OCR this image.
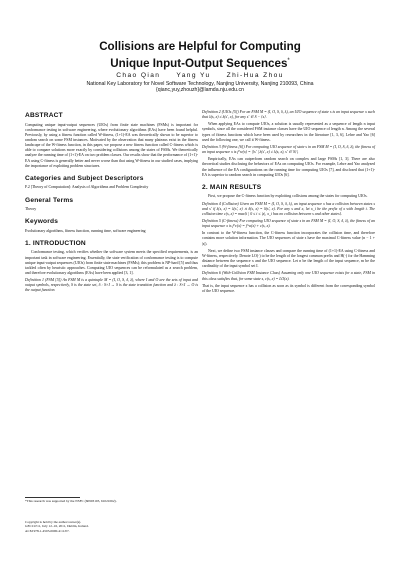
Collisions are Helpful for Computing
Unique Input-Output Sequences*
Chao Qian     Yang Yu     Zhi-Hua Zhou
National Key Laboratory for Novel Software Technology, Nanjing University, Nanjing 210093, China
{qianc,yuy,zhouzh}@lamda.nju.edu.cn
ABSTRACT

Computing unique input-output sequences (UIOs) from finite state machines (FSMs) is important for conformance testing in software engineering, where evolutionary algorithms (EAs) have been found helpful. Previously, by using a fitness function called W-fitness, (1+1)-EA was theoretically shown to be superior to random search on some FSM instances. Motivated by the observation that many plateaus exist in the fitness landscape of the W-fitness function, in this paper, we propose a new fitness function called C-fitness which is able to compare solutions more exactly by considering collisions among the states of FSMs. We theoretically analyze the running time of (1+1)-EA on two problem classes. Our results show that the performance of (1+1)-EA using C-fitness is generally better and never worse than that using W-fitness in our studied cases, implying the importance of exploiting problem structures.

Categories and Subject Descriptors

F.2 [Theory of Computation]: Analysis of Algorithms and Problem Complexity

General Terms

Theory

Keywords

Evolutionary algorithms, fitness function, running time, software engineering

1. INTRODUCTION

Conformance testing, which verifies whether the software system meets the specified requirements, is an important task in software engineering. Essentially, the state verification of conformance testing is to compute unique input-output sequences (UIOs) from finite state machines (FSMs); this problem is NP-hard [5] and thus tackled often by heuristic approaches. Computing UIO sequences can be reformulated as a search problem, and therefore evolutionary algorithms (EAs) have been applied [3, 1].

Definition 1 (FSM [5]) An FSM M is a quintuple M = (I, O, S, δ, λ), where I and O are the sets of input and output symbols, respectively, S is the state set, δ : S×I → S is the state transition function and λ : S×I → O is the output function.

*This research was supported by the NSFC (60903103, 61021062).
Copyright is held by the author/owner(s).
GECCO'11, July 12–16, 2011, Dublin, Ireland.
ACM 978-1-4503-0690-4/11/07.

Definition 2 (UIOs [5]) For an FSM M = (I, O, S, δ, λ), an UIO sequence of state s is an input sequence x such that λ(s, x) ≠ λ(s', x), for any s' ∈ S − {s}.

When applying EAs to compute UIOs, a solution is usually represented as a sequence of length n input symbols, since all the considered FSM instance classes have the UIO sequence of length n. Among the several types of fitness functions which have been used by researchers in the literature [1, 3, 6], Lehre and Yao [6] used the following one, we call it W-fitness.

Definition 3 (W-fitness [6]) For computing UIO sequence of state s in an FSM M = (I, O, S, δ, λ), the fitness of an input sequence x is f^w(x) = |{s' | λ(s', x) ≠ λ(s, x), s' ∈ S}|.

Empirically, EAs can outperform random search on complex and large FSMs [1, 3]. There are also theoretical studies disclosing the behaviors of EAs on computing UIOs. For example, Lehre and Yao analyzed the influence of the EA configurations on the running time for computing UIOs [7], and disclosed that (1+1)-EA is superior to random search in computing UIOs [6].

2. MAIN RESULTS

First, we propose the C-fitness function by exploiting collisions among the states for computing UIOs.

Definition 4 (Collision) Given an FSM M = (I, O, S, δ, λ), an input sequence x has a collision between states s and s' if λ(s, x) = λ(s', x) ∧ δ(s, x) = δ(s', x). For any s and x, let x_i be the prefix of x with length i. The collision time c(s, x) = max{i | 0 ≤ i ≤ |x|, x_i has no collision between s and other states}.

Definition 5 (C-fitness) For computing UIO sequence of state s in an FSM M = (I, O, S, δ, λ), the fitness of an input sequence x is f^c(x) = f^w(x) + c(s, x).

In contrast to the W-fitness function, the C-fitness function incorporates the collision time, and therefore contains more solution information. The UIO sequences of state s have the maximal C-fitness value (n − 1 + |s|).

Next, we define two FSM instance classes and compare the running time of (1+1)-EA using C-fitness and W-fitness, respectively. Denote LO(·) to be the length of the longest common prefix and H(·) for the Hamming distance between the sequence x and the UIO sequence. Let n be the length of the input sequence, m be the cardinality of the input symbol set I.

Definition 6 (With-Collision FSM Instance Class) Assuming only one UIO sequence exists for a state, FSM in this class satisfies that, for some state s, c(s, x) = LO(x).

That is, the input sequence x has a collision as soon as its symbol is different from the corresponding symbol of the UIO sequence.
